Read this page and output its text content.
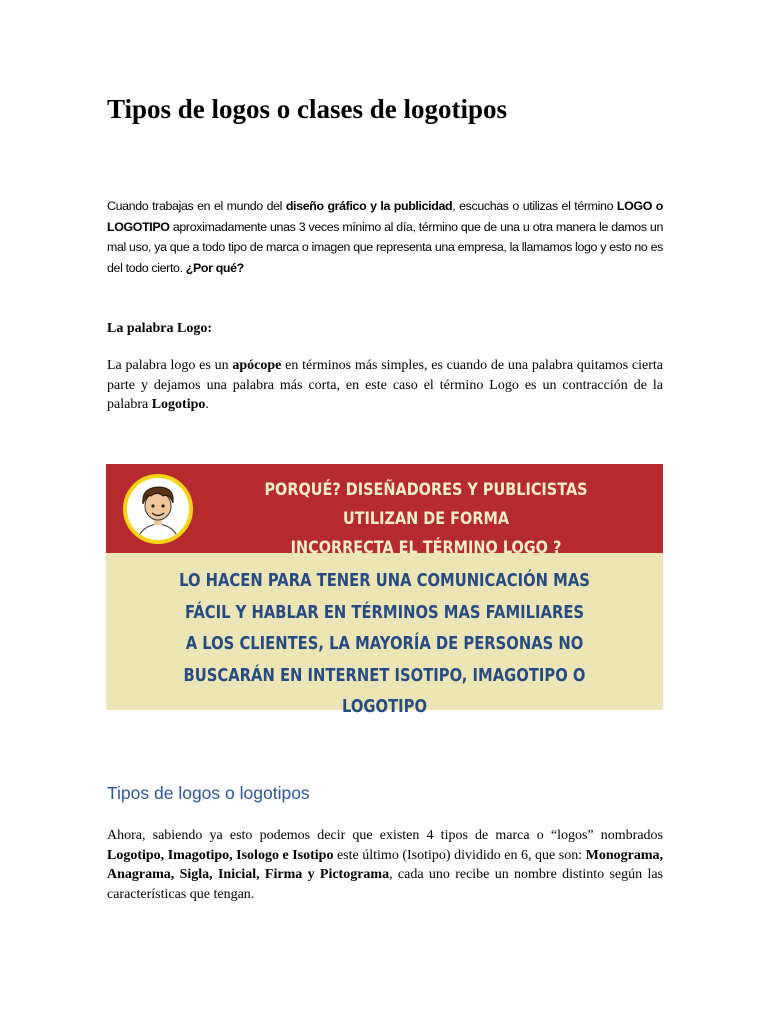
Tipos de logos o clases de logotipos

Cuando trabajas en el mundo del diseño gráfico y la publicidad, escuchas o utilizas el término LOGO o LOGOTIPO aproximadamente unas 3 veces mínimo al día, término que de una u otra manera le damos un mal uso, ya que a todo tipo de marca o imagen que representa una empresa, la llamamos logo y esto no es del todo cierto. ¿Por qué?

La palabra Logo:

La palabra logo es un apócope en términos más simples, es cuando de una palabra quitamos cierta parte y dejamos una palabra más corta, en este caso el término Logo es un contracción de la palabra Logotipo.

PORQUÉ? DISEÑADORES Y PUBLICISTAS UTILIZAN DE FORMA
INCORRECTA EL TÉRMINO LOGO ?
LO HACEN PARA TENER UNA COMUNICACIÓN MAS
FÁCIL Y HABLAR EN TÉRMINOS MAS FAMILIARES
A LOS CLIENTES, LA MAYORÍA DE PERSONAS NO
BUSCARÁN EN INTERNET ISOTIPO, IMAGOTIPO O LOGOTIPO
Tipos de logos o logotipos

Ahora, sabiendo ya esto podemos decir que existen 4 tipos de marca o “logos” nombrados Logotipo, Imagotipo, Isologo e Isotipo este último (Isotipo) dividido en 6, que son: Monograma, Anagrama, Sigla, Inicial, Firma y Pictograma, cada uno recibe un nombre distinto según las características que tengan.
